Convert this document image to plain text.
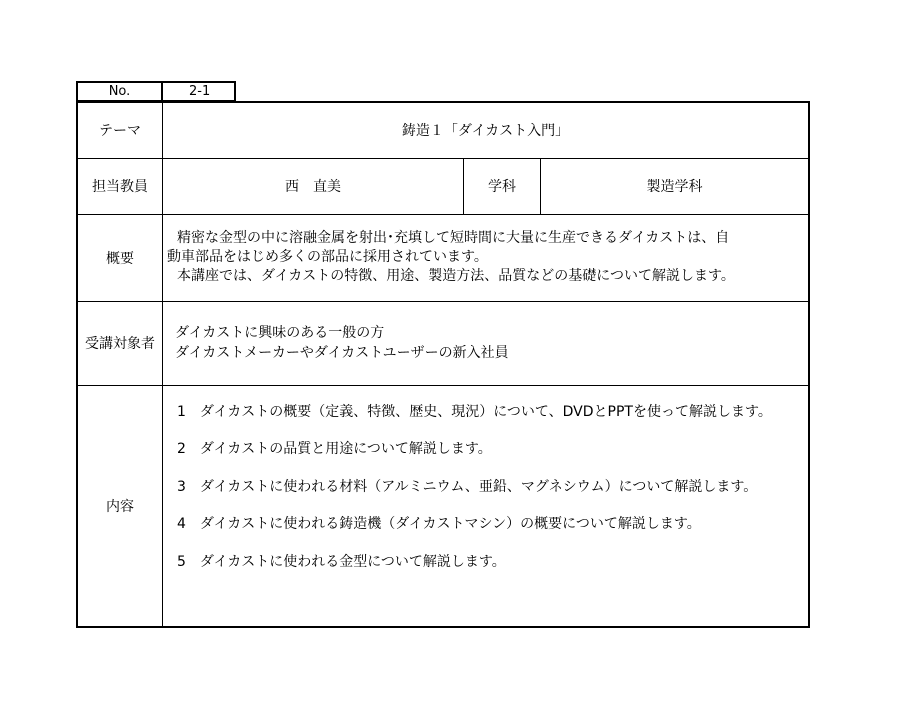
No.	2-1
テーマ	鋳造１「ダイカスト入門」		
担当教員	西　直美	学科	製造学科
概要	精密な金型の中に溶融金属を射出･充填して短時間に大量に生産できるダイカストは、自
動車部品をはじめ多くの部品に採用されています。
本講座では、ダイカストの特徴、用途、製造方法、品質などの基礎について解説します。		

受講対象者	ダイカストに興味のある一般の方
ダイカストメーカーやダイカストユーザーの新入社員		

内容	1　ダイカストの概要（定義、特徴、歴史、現況）について、DVDとPPTを使って解説します。
2　ダイカストの品質と用途について解説します。
3　ダイカストに使われる材料（アルミニウム、亜鉛、マグネシウム）について解説します。
4　ダイカストに使われる鋳造機（ダイカストマシン）の概要について解説します。
5　ダイカストに使われる金型について解説します。		
